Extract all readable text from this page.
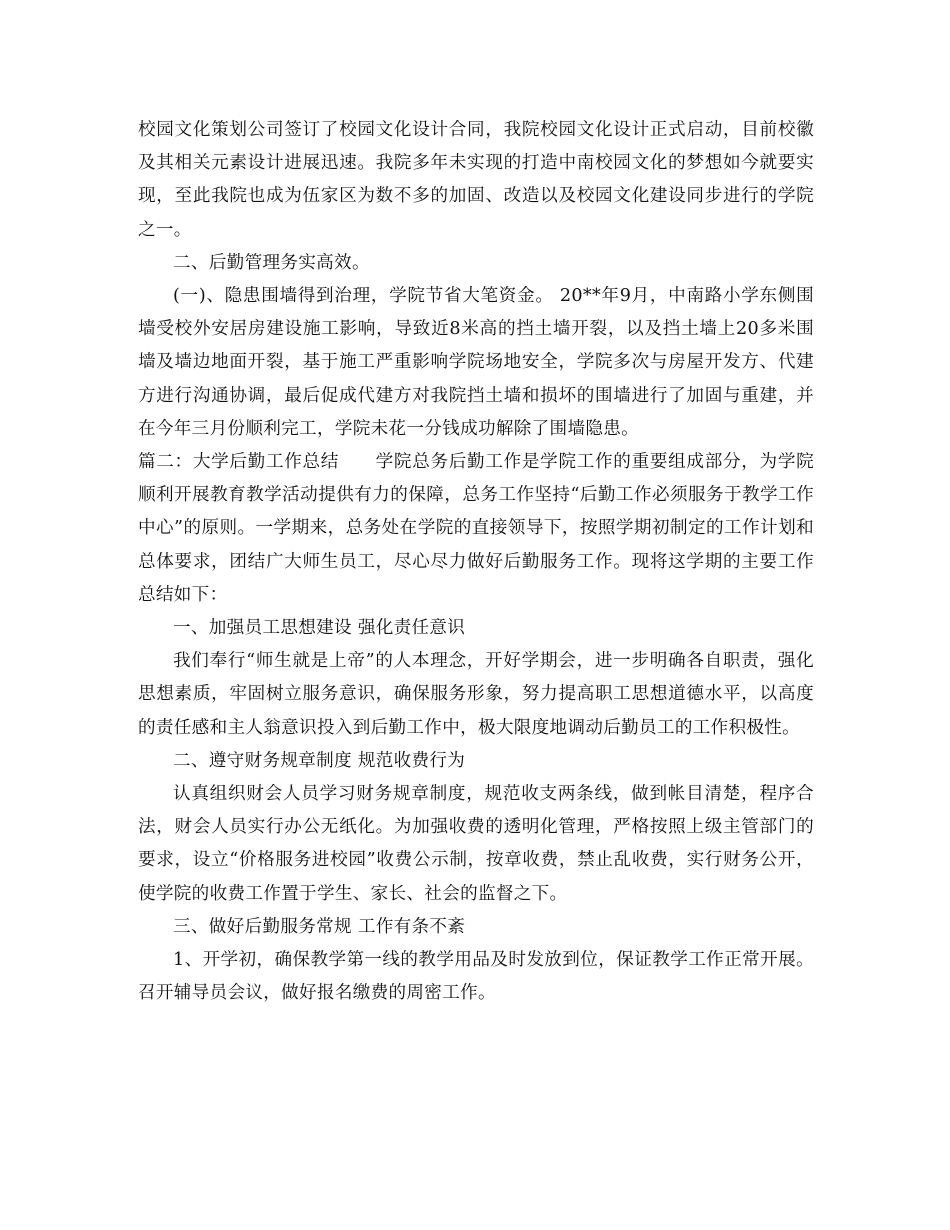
校园文化策划公司签订了校园文化设计合同，我院校园文化设计正式启动，目前校徽及其相关元素设计进展迅速。我院多年未实现的打造中南校园文化的梦想如今就要实现，至此我院也成为伍家区为数不多的加固、改造以及校园文化建设同步进行的学院之一。

二、后勤管理务实高效。

(一)、隐患围墙得到治理，学院节省大笔资金。 20**年9月，中南路小学东侧围墙受校外安居房建设施工影响，导致近8米高的挡土墙开裂，以及挡土墙上20多米围墙及墙边地面开裂，基于施工严重影响学院场地安全，学院多次与房屋开发方、代建方进行沟通协调，最后促成代建方对我院挡土墙和损坏的围墙进行了加固与重建，并在今年三月份顺利完工，学院未花一分钱成功解除了围墙隐患。

篇二：大学后勤工作总结　　学院总务后勤工作是学院工作的重要组成部分，为学院顺利开展教育教学活动提供有力的保障，总务工作坚持“后勤工作必须服务于教学工作中心”的原则。一学期来，总务处在学院的直接领导下，按照学期初制定的工作计划和总体要求，团结广大师生员工，尽心尽力做好后勤服务工作。现将这学期的主要工作总结如下：

一、加强员工思想建设 强化责任意识

我们奉行“师生就是上帝”的人本理念，开好学期会，进一步明确各自职责，强化思想素质，牢固树立服务意识，确保服务形象，努力提高职工思想道德水平，以高度的责任感和主人翁意识投入到后勤工作中，极大限度地调动后勤员工的工作积极性。

二、遵守财务规章制度 规范收费行为

认真组织财会人员学习财务规章制度，规范收支两条线，做到帐目清楚，程序合法，财会人员实行办公无纸化。为加强收费的透明化管理，严格按照上级主管部门的要求，设立“价格服务进校园”收费公示制，按章收费，禁止乱收费，实行财务公开，使学院的收费工作置于学生、家长、社会的监督之下。

三、做好后勤服务常规 工作有条不紊

1、开学初，确保教学第一线的教学用品及时发放到位，保证教学工作正常开展。召开辅导员会议，做好报名缴费的周密工作。
